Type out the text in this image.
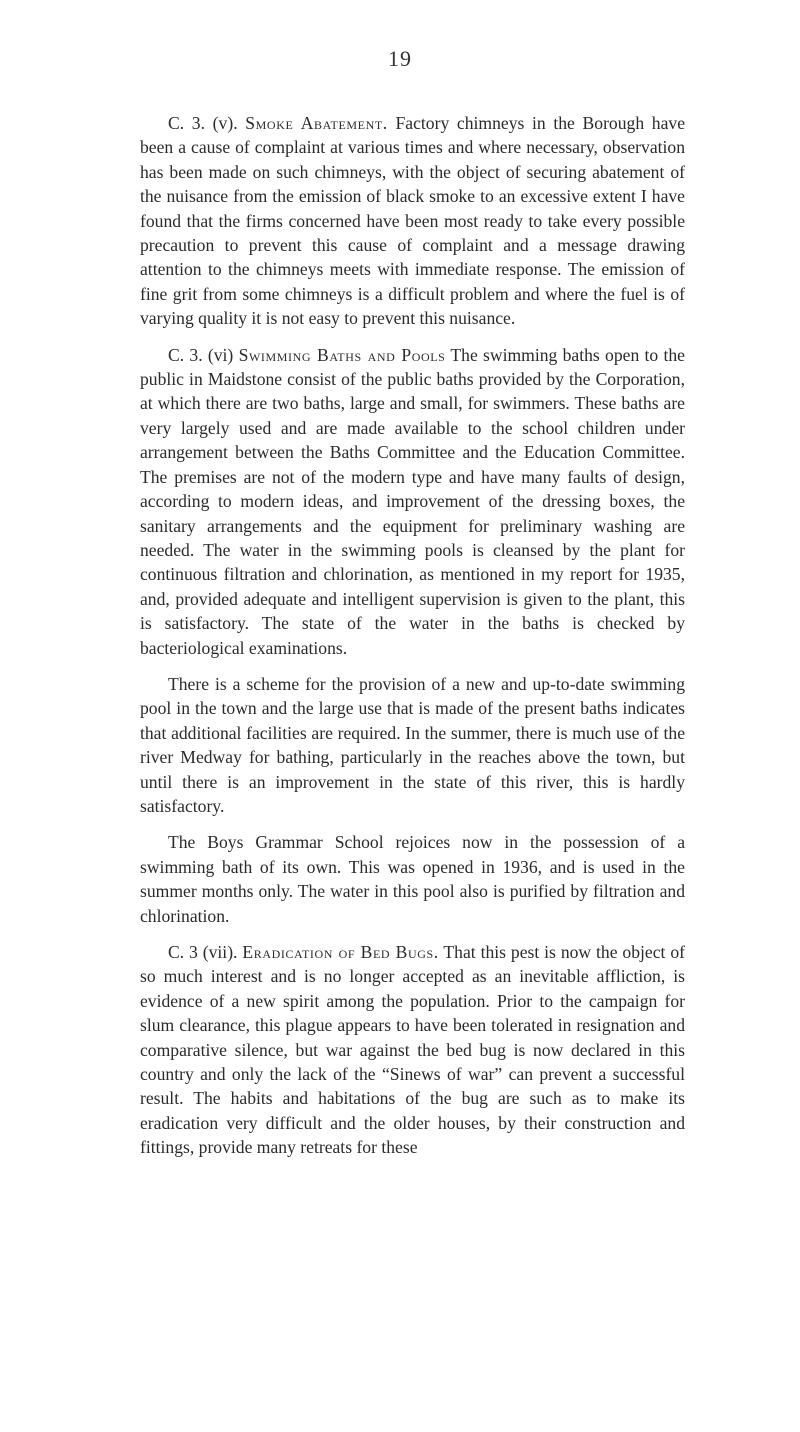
19

C. 3. (v). Smoke Abatement. Factory chimneys in the Borough have been a cause of complaint at various times and where necessary, observation has been made on such chimneys, with the object of securing abatement of the nuisance from the emission of black smoke to an excessive extent I have found that the firms concerned have been most ready to take every possible precaution to prevent this cause of complaint and a message drawing attention to the chimneys meets with immediate response. The emission of fine grit from some chimneys is a difficult problem and where the fuel is of varying quality it is not easy to prevent this nuisance.

C. 3. (vi) Swimming Baths and Pools The swimming baths open to the public in Maidstone consist of the public baths provided by the Corporation, at which there are two baths, large and small, for swimmers. These baths are very largely used and are made available to the school children under arrangement between the Baths Committee and the Education Committee. The premises are not of the modern type and have many faults of design, according to modern ideas, and improvement of the dressing boxes, the sanitary arrangements and the equipment for preliminary washing are needed. The water in the swimming pools is cleansed by the plant for continuous filtration and chlorination, as mentioned in my report for 1935, and, provided adequate and intelligent supervision is given to the plant, this is satisfactory. The state of the water in the baths is checked by bacteriological examinations.

There is a scheme for the provision of a new and up-to-date swimming pool in the town and the large use that is made of the present baths indicates that additional facilities are required. In the summer, there is much use of the river Medway for bathing, particularly in the reaches above the town, but until there is an improvement in the state of this river, this is hardly satisfactory.

The Boys Grammar School rejoices now in the possession of a swimming bath of its own. This was opened in 1936, and is used in the summer months only. The water in this pool also is purified by filtration and chlorination.

C. 3 (vii). Eradication of Bed Bugs. That this pest is now the object of so much interest and is no longer accepted as an inevitable affliction, is evidence of a new spirit among the population. Prior to the campaign for slum clearance, this plague appears to have been tolerated in resignation and comparative silence, but war against the bed bug is now declared in this country and only the lack of the “Sinews of war” can prevent a successful result. The habits and habitations of the bug are such as to make its eradication very difficult and the older houses, by their construction and fittings, provide many retreats for these
